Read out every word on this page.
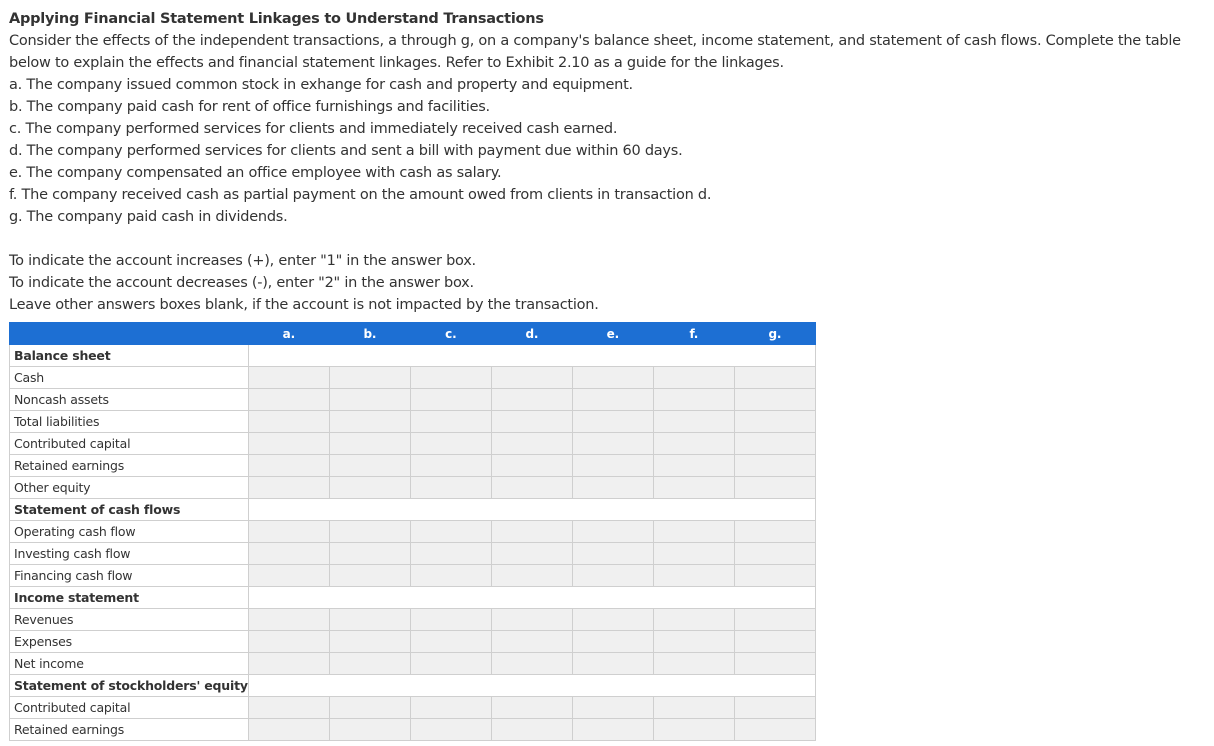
Applying Financial Statement Linkages to Understand Transactions

Consider the effects of the independent transactions, a through g, on a company's balance sheet, income statement, and statement of cash flows. Complete the table below to explain the effects and financial statement linkages. Refer to Exhibit 2.10 as a guide for the linkages.

a. The company issued common stock in exhange for cash and property and equipment.

b. The company paid cash for rent of office furnishings and facilities.

c. The company performed services for clients and immediately received cash earned.

d. The company performed services for clients and sent a bill with payment due within 60 days.

e. The company compensated an office employee with cash as salary.

f. The company received cash as partial payment on the amount owed from clients in transaction d.

g. The company paid cash in dividends.

To indicate the account increases (+), enter "1" in the answer box.

To indicate the account decreases (-), enter "2" in the answer box.

Leave other answers boxes blank, if the account is not impacted by the transaction.

	a.	b.	c.	d.	e.	f.	g.
Balance sheet							
Cash							
Noncash assets							
Total liabilities							
Contributed capital							
Retained earnings							
Other equity							
Statement of cash flows							
Operating cash flow							
Investing cash flow							
Financing cash flow							
Income statement							
Revenues							
Expenses							
Net income							
Statement of stockholders' equity							
Contributed capital							
Retained earnings							
